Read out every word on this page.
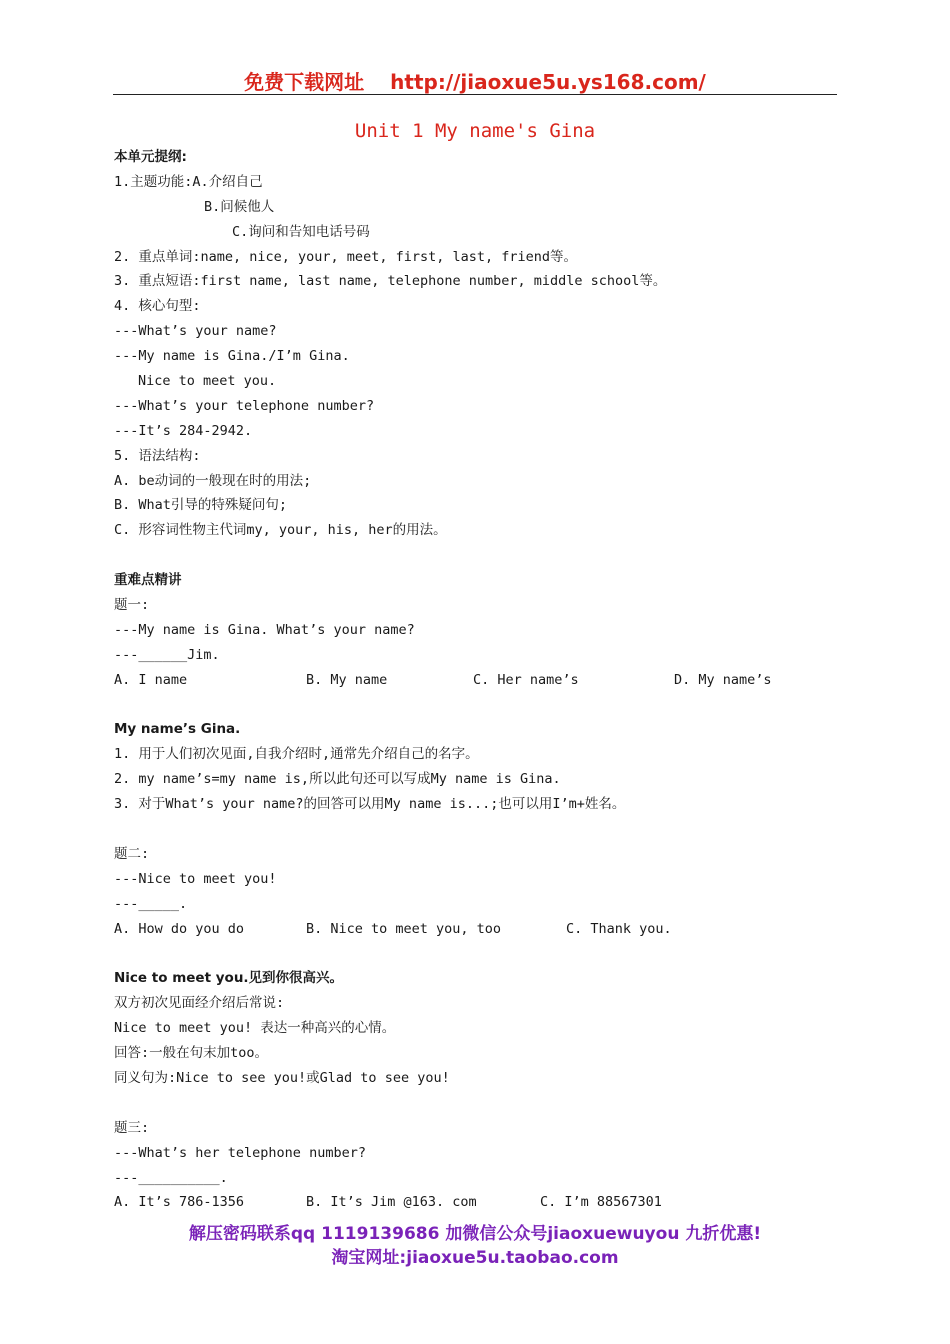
免费下载网址 http://jiaoxue5u.ys168.com/
Unit 1 My name's Gina
本单元提纲:
1.主题功能:A.介绍自己
B.问候他人
C.询问和告知电话号码
2. 重点单词:name, nice, your, meet, first, last, friend等。
3. 重点短语:first name, last name, telephone number, middle school等。
4. 核心句型:
---What’s your name?
---My name is Gina./I’m Gina.
Nice to meet you.
---What’s your telephone number?
---It’s 284-2942.
5. 语法结构:
A. be动词的一般现在时的用法;
B. What引导的特殊疑问句;
C. 形容词性物主代词my, your, his, her的用法。
重难点精讲
题一:
---My name is Gina. What’s your name?
---______Jim.
A. I name	B. My name	C. Her name’s	D. My name’s
My name’s Gina.
1. 用于人们初次见面,自我介绍时,通常先介绍自己的名字。
2. my name’s=my name is,所以此句还可以写成My name is Gina.
3. 对于What’s your name?的回答可以用My name is...;也可以用I’m+姓名。
题二:
---Nice to meet you!
---_____.
A. How do you do	B. Nice to meet you, too	C. Thank you.
Nice to meet you.见到你很高兴。
双方初次见面经介绍后常说:
Nice to meet you! 表达一种高兴的心情。
回答:一般在句末加too。
同义句为:Nice to see you!或Glad to see you!
题三:
---What’s her telephone number?
---__________.
A. It’s 786-1356	B. It’s Jim @163. com	C. I’m 88567301
解压密码联系qq 1119139686 加微信公众号jiaoxuewuyou 九折优惠!
淘宝网址:jiaoxue5u.taobao.com
